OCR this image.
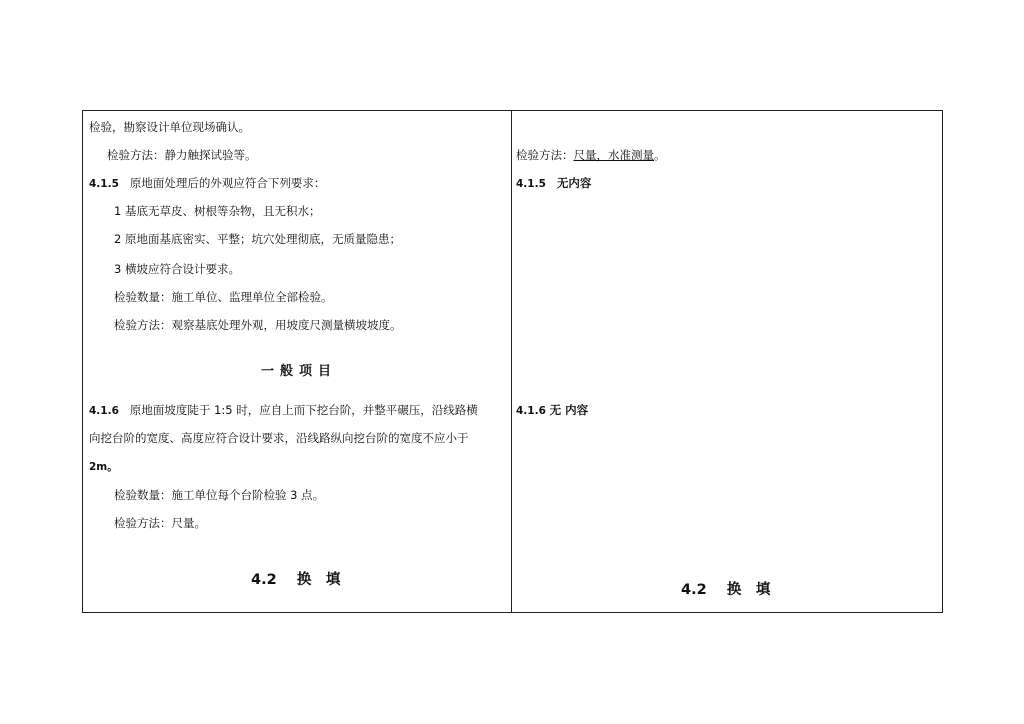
检验，勘察设计单位现场确认。
检验方法：静力触探试验等。
4.1.5 原地面处理后的外观应符合下列要求：
1 基底无草皮、树根等杂物，且无积水；
2 原地面基底密实、平整；坑穴处理彻底，无质量隐患；
3 横坡应符合设计要求。
检验数量：施工单位、监理单位全部检验。
检验方法：观察基底处理外观，用坡度尺测量横坡坡度。
一般项目
4.1.6 原地面坡度陡于 1:5 时，应自上而下挖台阶，并整平碾压，沿线路横
向挖台阶的宽度、高度应符合设计要求，沿线路纵向挖台阶的宽度不应小于
2m。
检验数量：施工单位每个台阶检验 3 点。
检验方法：尺量。
4.2 换　填
检验方法：尺量，水准测量。
4.1.5 无内容
4.1.6 无 内容
4.2 换　填
